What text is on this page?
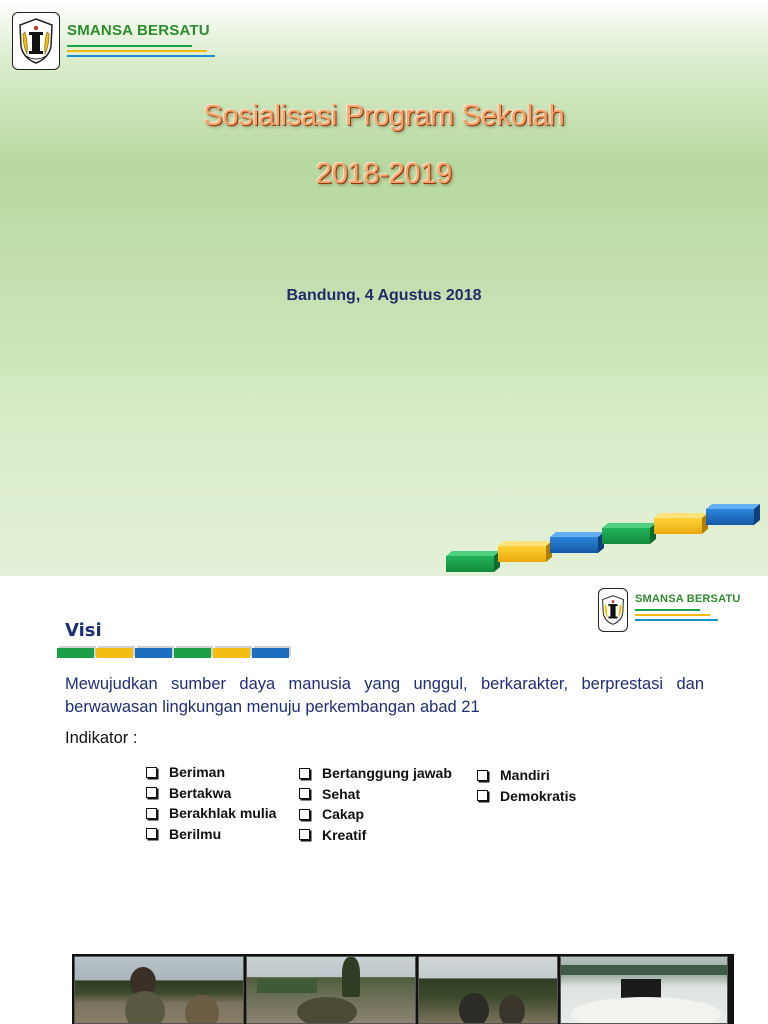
SMANSA BERSATU
Sosialisasi Program Sekolah
2018-2019
Bandung, 4 Agustus 2018
SMANSA BERSATU
Visi
Mewujudkan sumber daya manusia yang unggul, berkarakter, berprestasi dan berwawasan lingkungan menuju perkembangan abad 21
Indikator :
Beriman
Bertakwa
Berakhlak mulia
Berilmu
Bertanggung jawab
Sehat
Cakap
Kreatif
Mandiri
Demokratis
